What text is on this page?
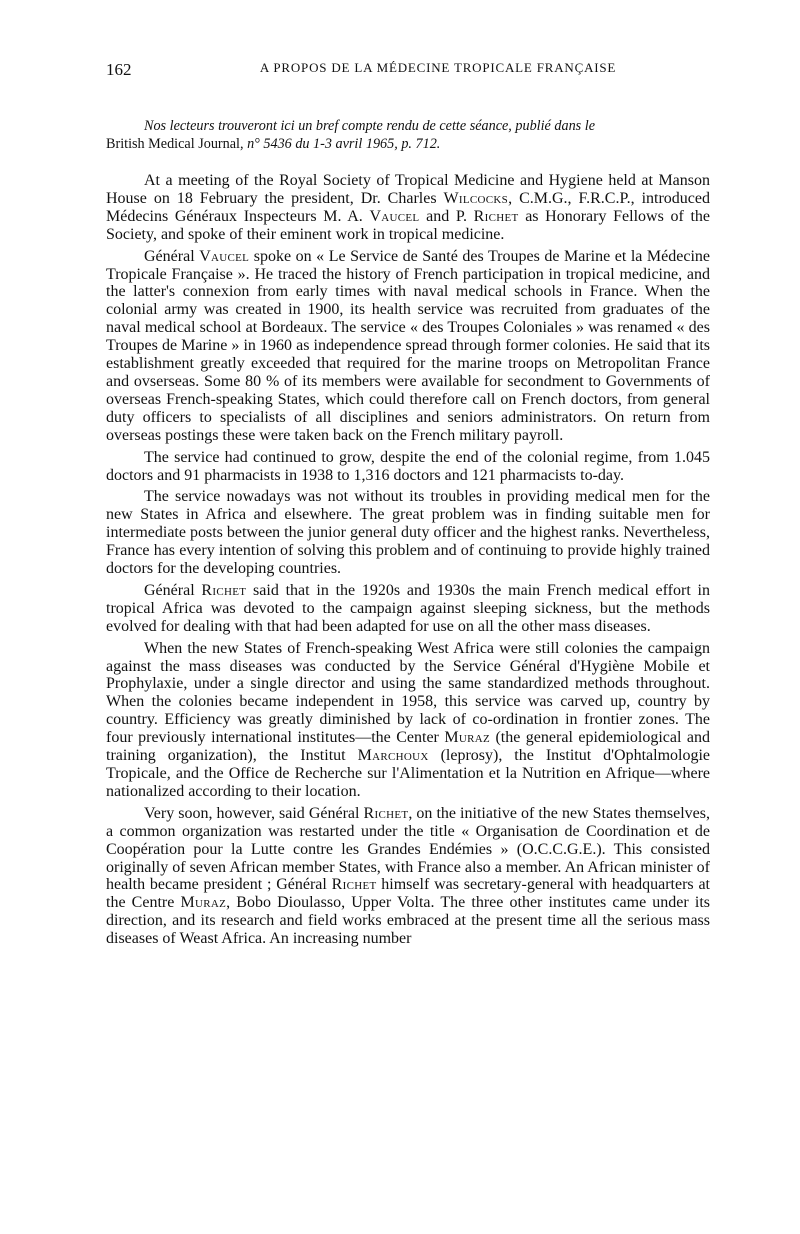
162	A PROPOS DE LA MÉDECINE TROPICALE FRANÇAISE
Nos lecteurs trouveront ici un bref compte rendu de cette séance, publié dans le
British Medical Journal, n° 5436 du 1-3 avril 1965, p. 712.

At a meeting of the Royal Society of Tropical Medicine and Hygiene held at Manson House on 18 February the president, Dr. Charles Wilcocks, C.M.G., F.R.C.P., introduced Médecins Généraux Inspecteurs M. A. Vaucel and P. Richet as Honorary Fellows of the Society, and spoke of their eminent work in tropical medicine.

Général Vaucel spoke on « Le Service de Santé des Troupes de Marine et la Médecine Tropicale Française ». He traced the history of French participation in tropical medicine, and the latter's connexion from early times with naval medical schools in France. When the colonial army was created in 1900, its health service was recruited from graduates of the naval medical school at Bordeaux. The service « des Troupes Coloniales » was renamed « des Troupes de Marine » in 1960 as independence spread through former colonies. He said that its establishment greatly exceeded that required for the marine troops on Metropolitan France and ovserseas. Some 80 % of its members were available for secondment to Governments of overseas French-speaking States, which could therefore call on French doctors, from general duty officers to specialists of all disciplines and seniors administrators. On return from overseas postings these were taken back on the French military payroll.

The service had continued to grow, despite the end of the colonial regime, from 1.045 doctors and 91 pharmacists in 1938 to 1,316 doctors and 121 pharmacists to-day.

The service nowadays was not without its troubles in providing medical men for the new States in Africa and elsewhere. The great problem was in finding suitable men for intermediate posts between the junior general duty officer and the highest ranks. Nevertheless, France has every intention of solving this problem and of continuing to provide highly trained doctors for the developing countries.

Général Richet said that in the 1920s and 1930s the main French medical effort in tropical Africa was devoted to the campaign against sleeping sickness, but the methods evolved for dealing with that had been adapted for use on all the other mass diseases.

When the new States of French-speaking West Africa were still colonies the campaign against the mass diseases was conducted by the Service Général d'Hygiène Mobile et Prophylaxie, under a single director and using the same standardized methods throughout. When the colonies became independent in 1958, this service was carved up, country by country. Efficiency was greatly diminished by lack of co-ordination in frontier zones. The four previously international institutes—the Center Muraz (the general epidemiological and training organization), the Institut Marchoux (leprosy), the Institut d'Ophtalmologie Tropicale, and the Office de Recherche sur l'Alimentation et la Nutrition en Afrique—where nationalized according to their location.

Very soon, however, said Général Richet, on the initiative of the new States themselves, a common organization was restarted under the title « Organisation de Coordination et de Coopération pour la Lutte contre les Grandes Endémies » (O.C.C.G.E.). This consisted originally of seven African member States, with France also a member. An African minister of health became president ; Général Richet himself was secretary-general with headquarters at the Centre Muraz, Bobo Dioulasso, Upper Volta. The three other institutes came under its direction, and its research and field works embraced at the present time all the serious mass diseases of Weast Africa. An increasing number
